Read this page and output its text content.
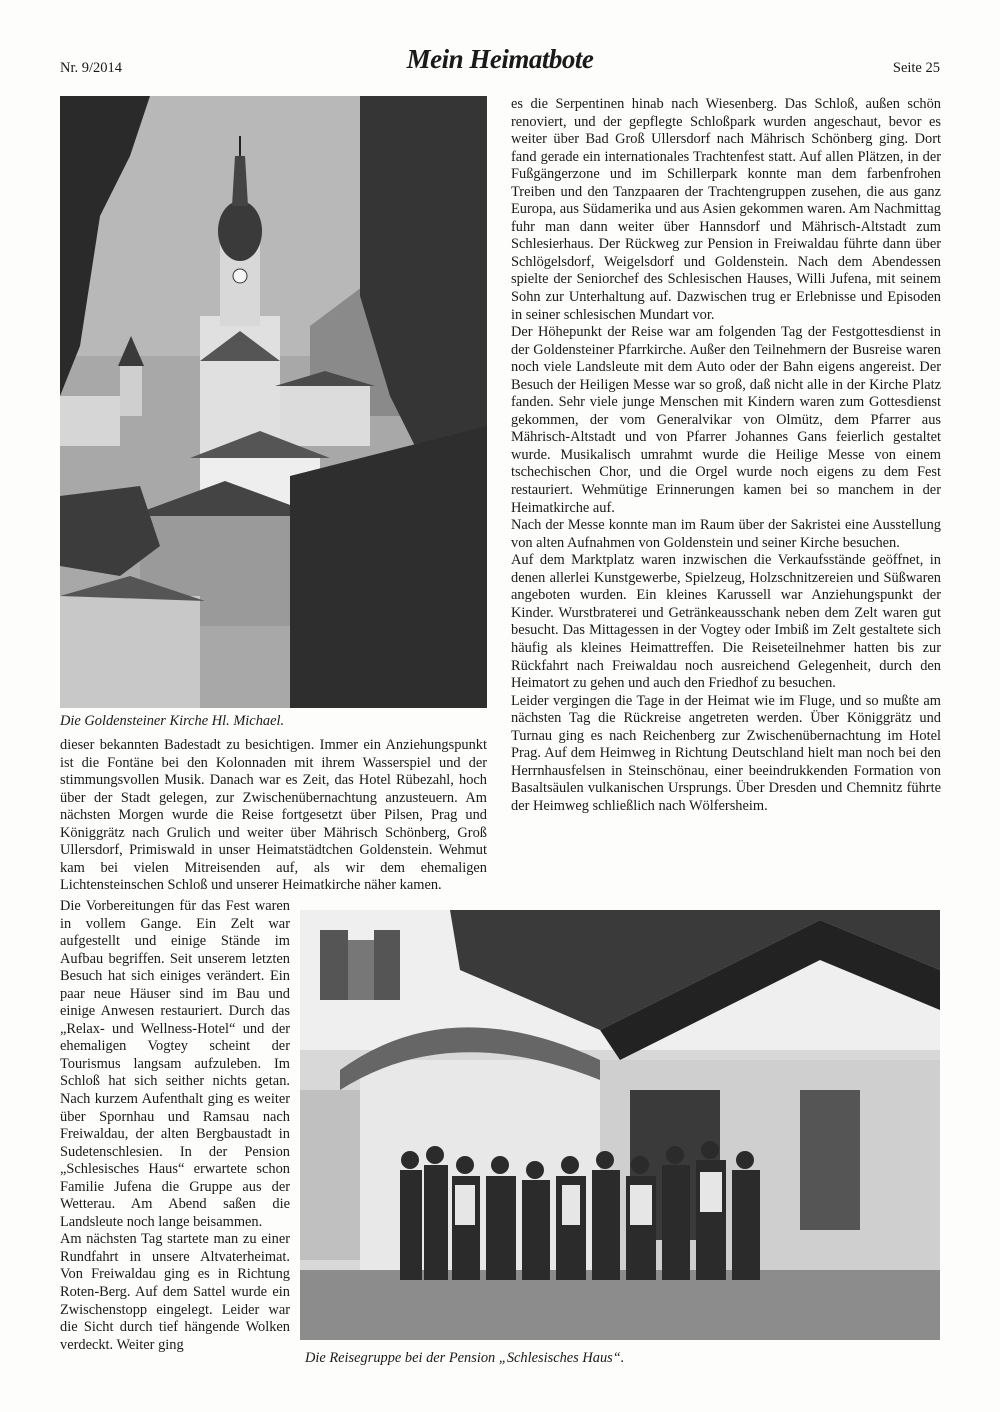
Nr. 9/2014	Mein Heimatbote	Seite 25
Die Goldensteiner Kirche Hl. Michael.

dieser bekannten Badestadt zu besichtigen. Immer ein Anziehungspunkt ist die Fontäne bei den Kolonnaden mit ihrem Wasserspiel und der stimmungsvollen Musik. Danach war es Zeit, das Hotel Rübezahl, hoch über der Stadt gelegen, zur Zwischenübernachtung anzusteuern. Am nächsten Morgen wurde die Reise fortgesetzt über Pilsen, Prag und Königgrätz nach Grulich und weiter über Mährisch Schönberg, Groß Ullersdorf, Primiswald in unser Heimatstädtchen Goldenstein. Wehmut kam bei vielen Mitreisenden auf, als wir dem ehemaligen Lichtensteinschen Schloß und unserer Heimatkirche näher kamen.

Die Vorbereitungen für das Fest waren in vollem Gange. Ein Zelt war aufgestellt und einige Stände im Aufbau begriffen. Seit unserem letzten Besuch hat sich einiges verändert. Ein paar neue Häuser sind im Bau und einige Anwesen restauriert. Durch das „Relax- und Wellness-Hotel“ und der ehemaligen Vogtey scheint der Tourismus langsam aufzuleben. Im Schloß hat sich seither nichts getan. Nach kurzem Aufenthalt ging es weiter über Spornhau und Ramsau nach Freiwaldau, der alten Bergbaustadt in Sudetenschlesien. In der Pension „Schlesisches Haus“ erwartete schon Familie Jufena die Gruppe aus der Wetterau. Am Abend saßen die Landsleute noch lange beisammen.

Am nächsten Tag startete man zu einer Rundfahrt in unsere Altvaterheimat. Von Freiwaldau ging es in Richtung Roten-Berg. Auf dem Sattel wurde ein Zwischenstopp eingelegt. Leider war die Sicht durch tief hängende Wolken verdeckt. Weiter ging

es die Serpentinen hinab nach Wiesenberg. Das Schloß, außen schön renoviert, und der gepflegte Schloßpark wurden angeschaut, bevor es weiter über Bad Groß Ullersdorf nach Mährisch Schönberg ging. Dort fand gerade ein internationales Trachtenfest statt. Auf allen Plätzen, in der Fußgängerzone und im Schillerpark konnte man dem farbenfrohen Treiben und den Tanzpaaren der Trachtengruppen zusehen, die aus ganz Europa, aus Südamerika und aus Asien gekommen waren. Am Nachmittag fuhr man dann weiter über Hannsdorf und Mährisch-Altstadt zum Schlesierhaus. Der Rückweg zur Pension in Freiwaldau führte dann über Schlögelsdorf, Weigelsdorf und Goldenstein. Nach dem Abendessen spielte der Seniorchef des Schlesischen Hauses, Willi Jufena, mit seinem Sohn zur Unterhaltung auf. Dazwischen trug er Erlebnisse und Episoden in seiner schlesischen Mundart vor.

Der Höhepunkt der Reise war am folgenden Tag der Festgottesdienst in der Goldensteiner Pfarrkirche. Außer den Teilnehmern der Busreise waren noch viele Landsleute mit dem Auto oder der Bahn eigens angereist. Der Besuch der Heiligen Messe war so groß, daß nicht alle in der Kirche Platz fanden. Sehr viele junge Menschen mit Kindern waren zum Gottesdienst gekommen, der vom Generalvikar von Olmütz, dem Pfarrer aus Mährisch-Altstadt und von Pfarrer Johannes Gans feierlich gestaltet wurde. Musikalisch umrahmt wurde die Heilige Messe von einem tschechischen Chor, und die Orgel wurde noch eigens zu dem Fest restauriert. Wehmütige Erinnerungen kamen bei so manchem in der Heimatkirche auf.

Nach der Messe konnte man im Raum über der Sakristei eine Ausstellung von alten Aufnahmen von Goldenstein und seiner Kirche besuchen.

Auf dem Marktplatz waren inzwischen die Verkaufsstände geöffnet, in denen allerlei Kunstgewerbe, Spielzeug, Holzschnitzereien und Süßwaren angeboten wurden. Ein kleines Karussell war Anziehungspunkt der Kinder. Wurstbraterei und Getränkeausschank neben dem Zelt waren gut besucht. Das Mittagessen in der Vogtey oder Imbiß im Zelt gestaltete sich häufig als kleines Heimattreffen. Die Reiseteilnehmer hatten bis zur Rückfahrt nach Freiwaldau noch ausreichend Gelegenheit, durch den Heimatort zu gehen und auch den Friedhof zu besuchen.

Leider vergingen die Tage in der Heimat wie im Fluge, und so mußte am nächsten Tag die Rückreise angetreten werden. Über Königgrätz und Turnau ging es nach Reichenberg zur Zwischenübernachtung im Hotel Prag. Auf dem Heimweg in Richtung Deutschland hielt man noch bei den Herrnhausfelsen in Steinschönau, einer beeindrukkenden Formation von Basaltsäulen vulkanischen Ursprungs. Über Dresden und Chemnitz führte der Heimweg schließlich nach Wölfersheim.

Die Reisegruppe bei der Pension „Schlesisches Haus“.
